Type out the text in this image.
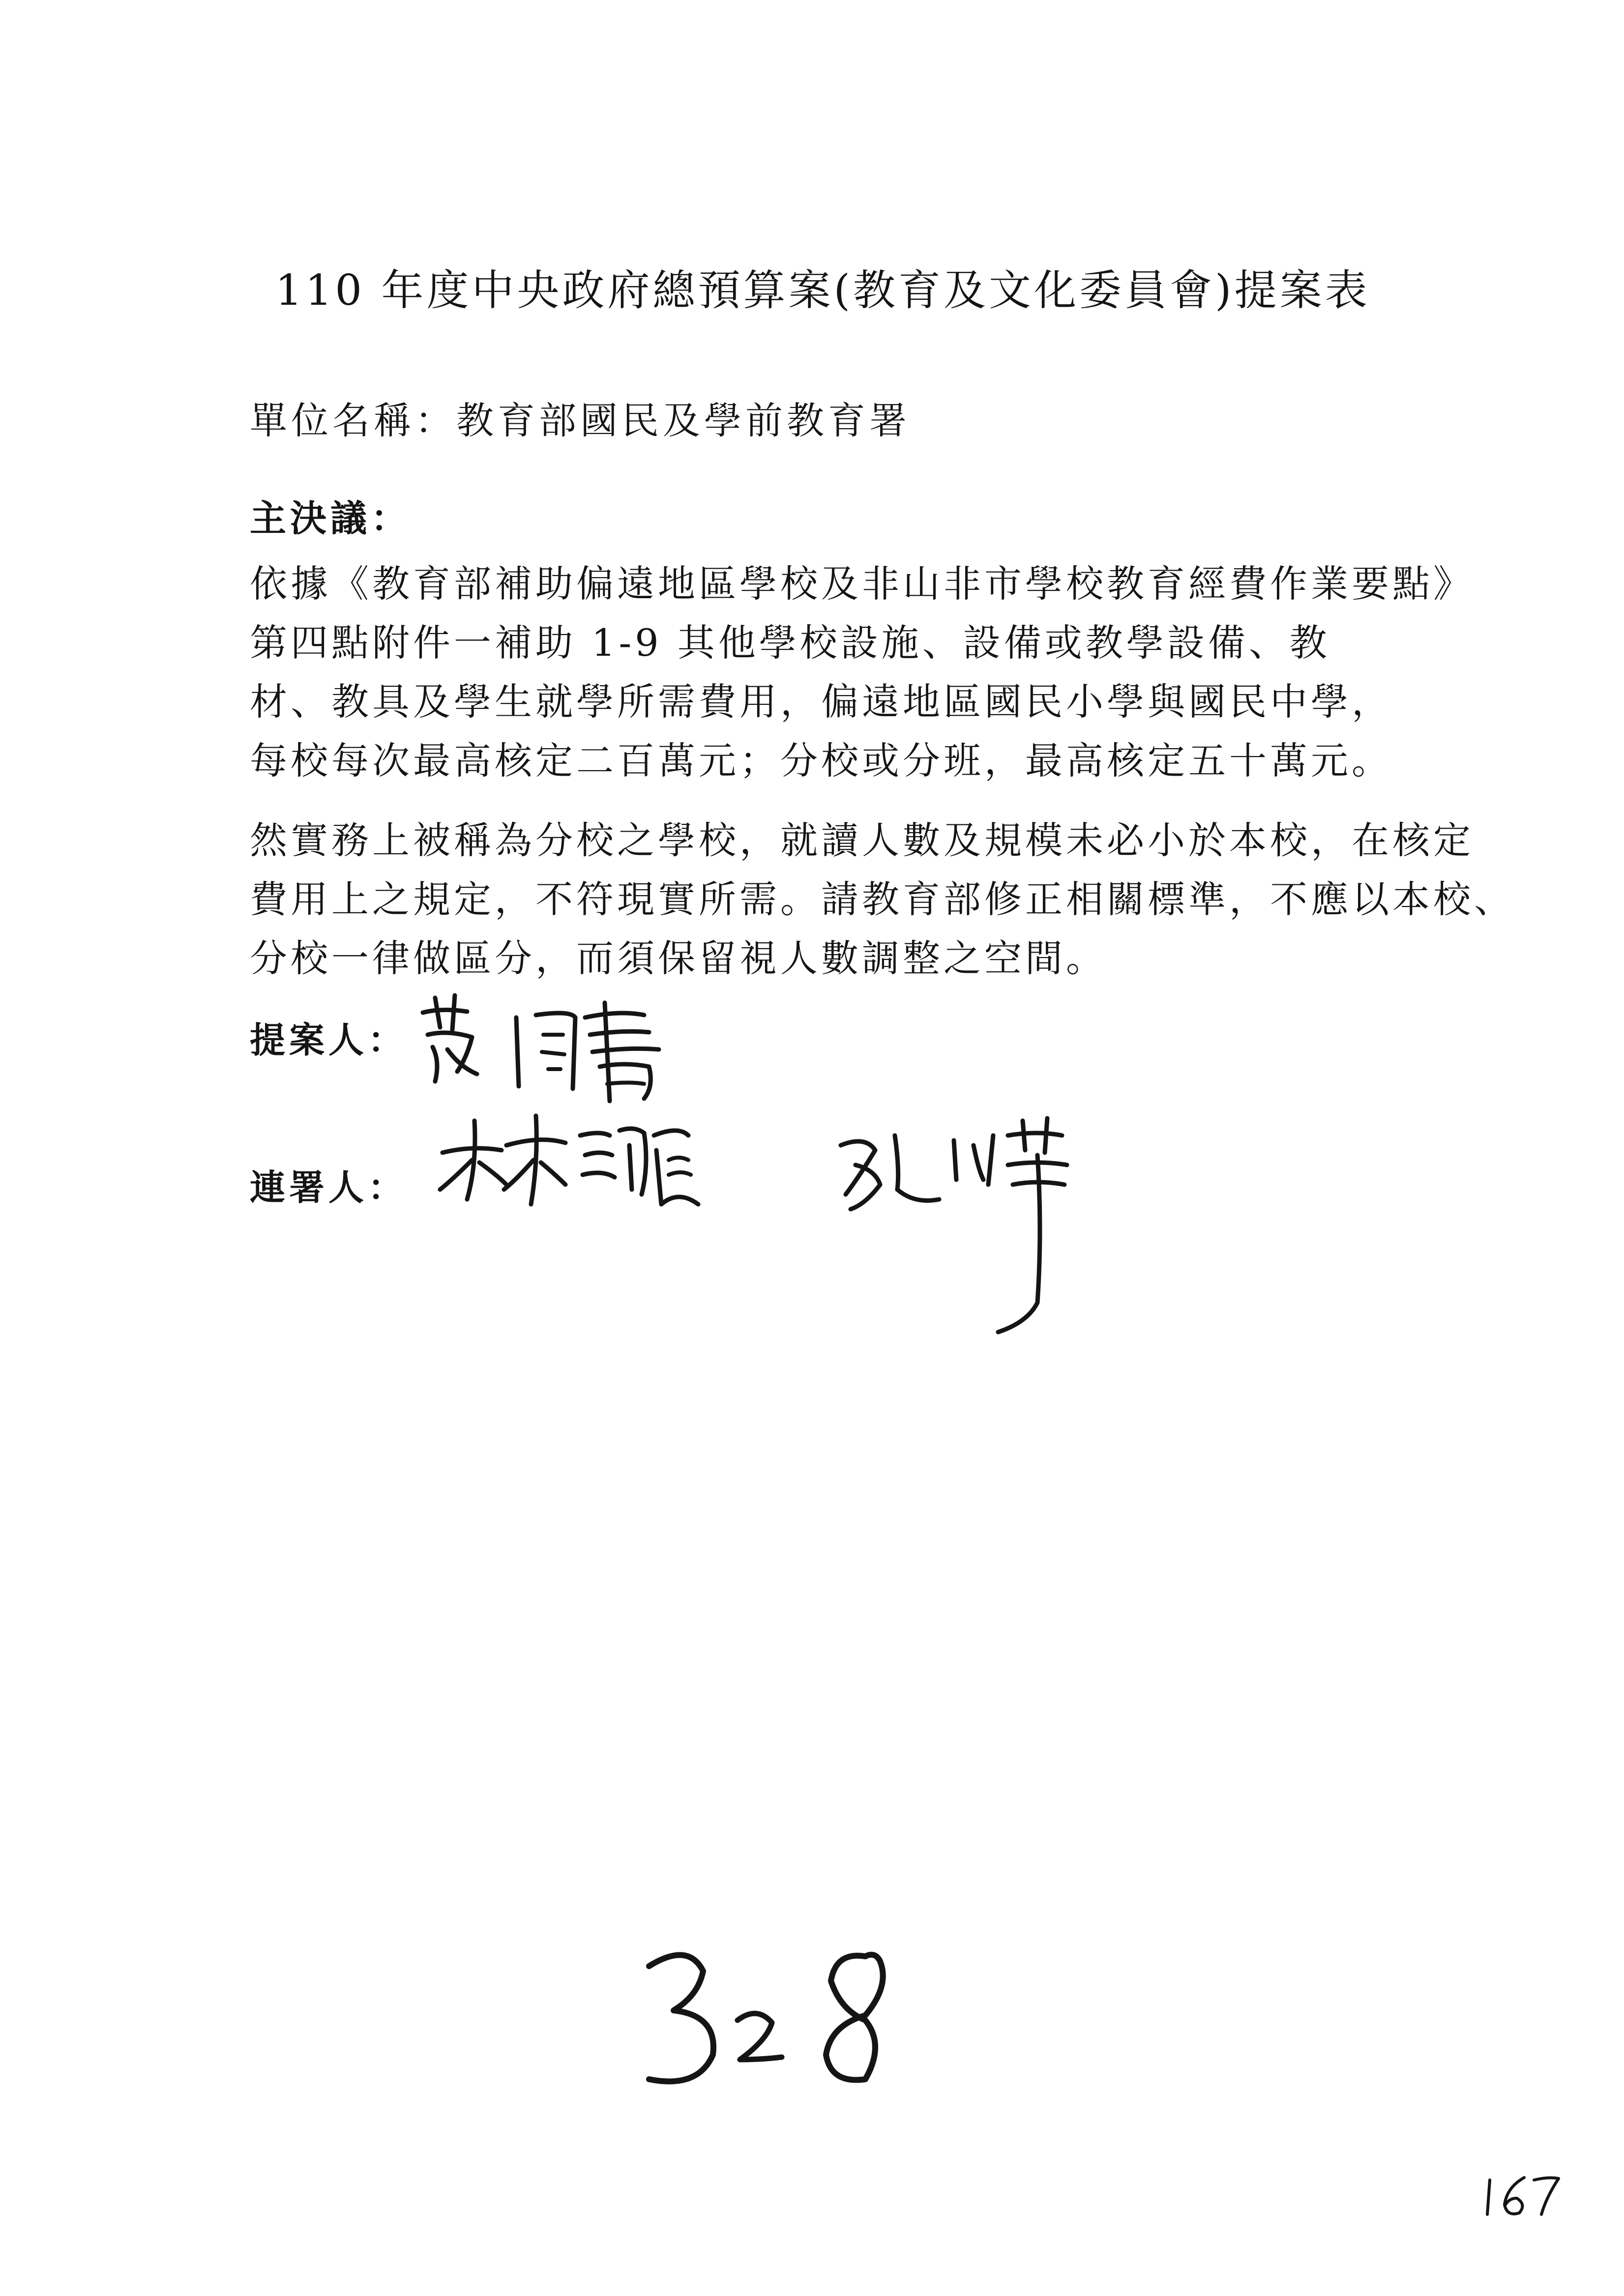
110 年度中央政府總預算案(教育及文化委員會)提案表
單位名稱：教育部國民及學前教育署
主決議：
依據《教育部補助偏遠地區學校及非山非市學校教育經費作業要點》
第四點附件一補助 1-9 其他學校設施、設備或教學設備、教
材、教具及學生就學所需費用，偏遠地區國民小學與國民中學，
每校每次最高核定二百萬元；分校或分班，最高核定五十萬元。
然實務上被稱為分校之學校，就讀人數及規模未必小於本校，在核定
費用上之規定，不符現實所需。請教育部修正相關標準，不應以本校、
分校一律做區分，而須保留視人數調整之空間。
提案人：
連署人：
